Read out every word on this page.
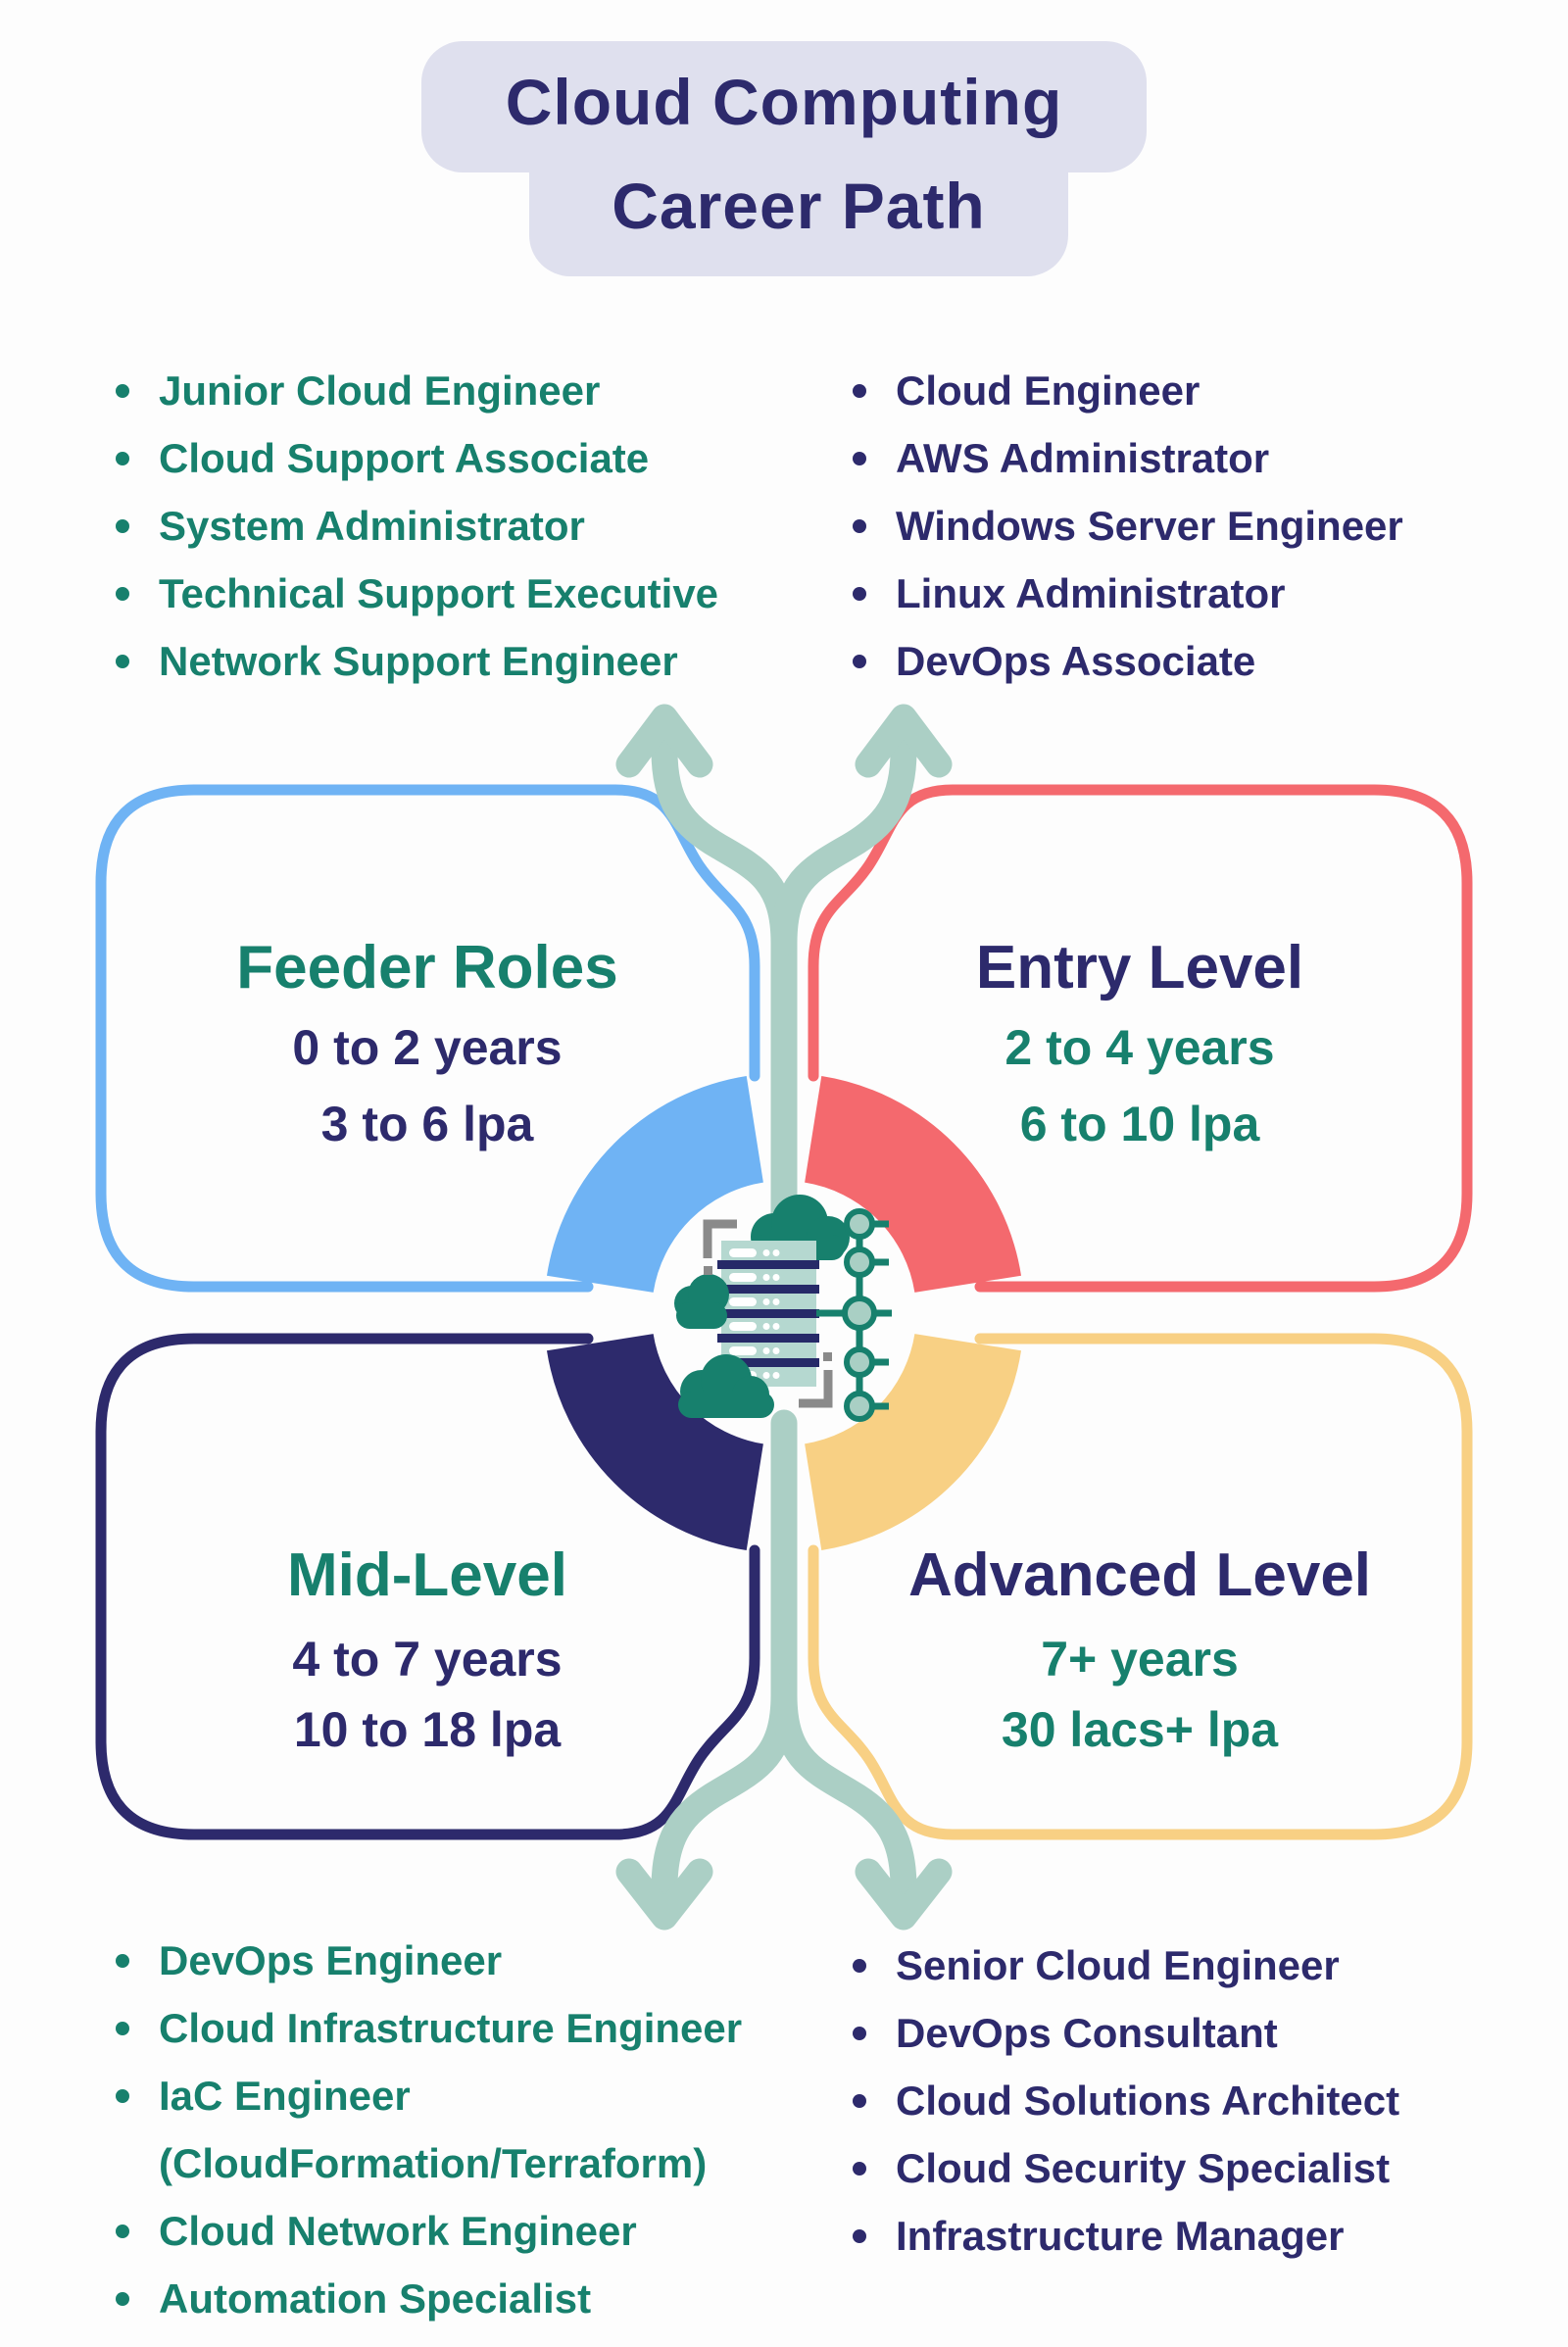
Cloud Computing
Career Path
Junior Cloud Engineer
Cloud Support Associate
System Administrator
Technical Support Executive
Network Support Engineer
Cloud Engineer
AWS Administrator
Windows Server Engineer
Linux Administrator
DevOps Associate
Feeder Roles
0 to 2 years
3 to 6 lpa
Entry Level
2 to 4 years
6 to 10 lpa
Mid-Level
4 to 7 years
10 to 18 lpa
Advanced Level
7+ years
30 lacs+ lpa
DevOps Engineer
Cloud Infrastructure Engineer
IaC Engineer
(CloudFormation/Terraform)
Cloud Network Engineer
Automation Specialist
Senior Cloud Engineer
DevOps Consultant
Cloud Solutions Architect
Cloud Security Specialist
Infrastructure Manager
